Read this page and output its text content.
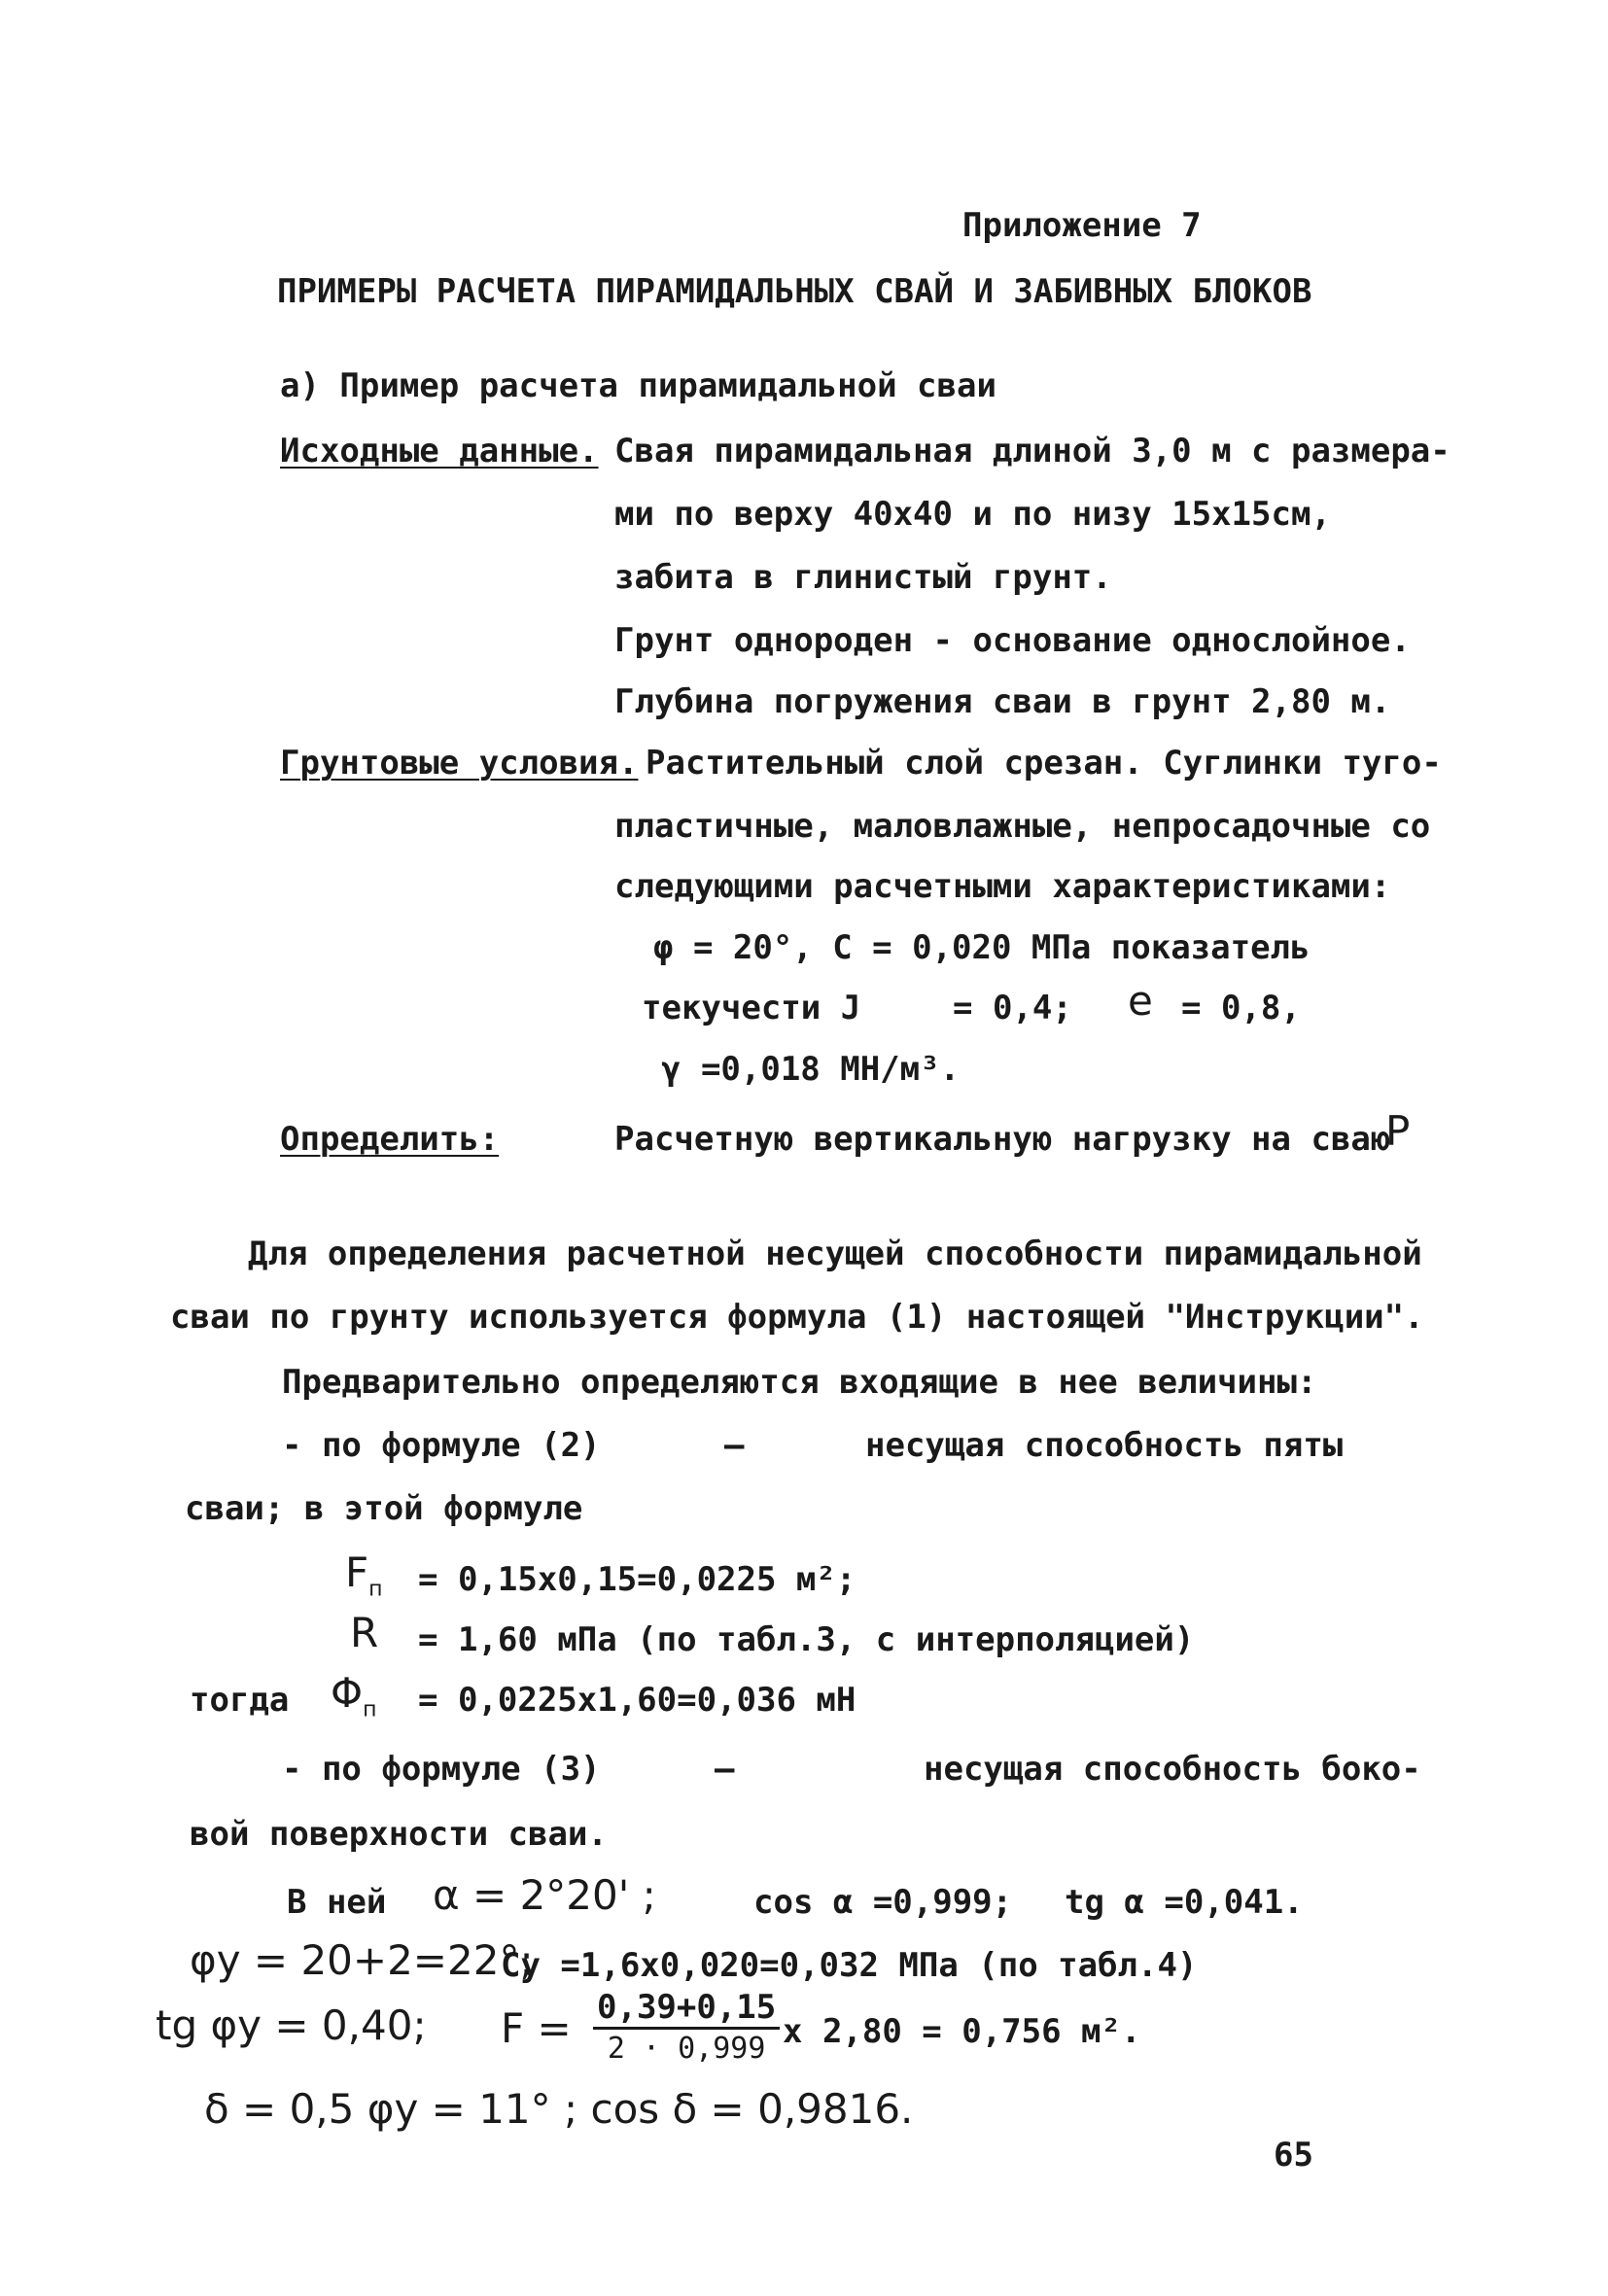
Приложение 7
ПРИМЕРЫ РАСЧЕТА ПИРАМИДАЛЬНЫХ СВАЙ И ЗАБИВНЫХ БЛОКОВ
а) Пример расчета пирамидальной сваи
Исходные данные. Свая пирамидальная длиной 3,0 м с размера-
ми по верху 40х40 и по низу 15х15см,
забита в глинистый грунт.
Грунт однороден - основание однослойное.
Глубина погружения сваи в грунт 2,80 м.
Грунтовые условия. Растительный слой срезан. Суглинки туго-
пластичные, маловлажные, непросадочные со
следующими расчетными характеристиками:
φ = 20°, C = 0,020 МПа показатель
текучести J	= 0,4; e = 0,8,
γ =0,018 МН/м³.
Определить:	Расчетную вертикальную нагрузку на сваю
P
Для определения расчетной несущей способности пирамидальной
сваи по грунту используется формула (1) настоящей "Инструкции".
Предварительно определяются входящие в нее величины:
- по формуле (2)	—	несущая способность пяты
сваи; в этой формуле
$F_п = 0,15х0,15=0,0225$ м²;
R = 1,60 мПа (по табл.3, с интерполяцией)
тогда $\Phi_п = 0,0225х1,60=0,036$ мН
- по формуле (3)	—	несущая способность боко-
вой поверхности сваи.
В ней α = 2°20' ;	cos α =0,999; tg α =0,041.
φy = 20+2=22°;
Cy =1,6х0,020=0,032 МПа (по табл.4)
tg φy = 0,40; $F = \frac{0,39+0,15}{2 \cdot 0,999}$ х 2,80 = 0,756 м².
δ = 0,5 φy = 11° ; cos δ = 0,9816.
65
